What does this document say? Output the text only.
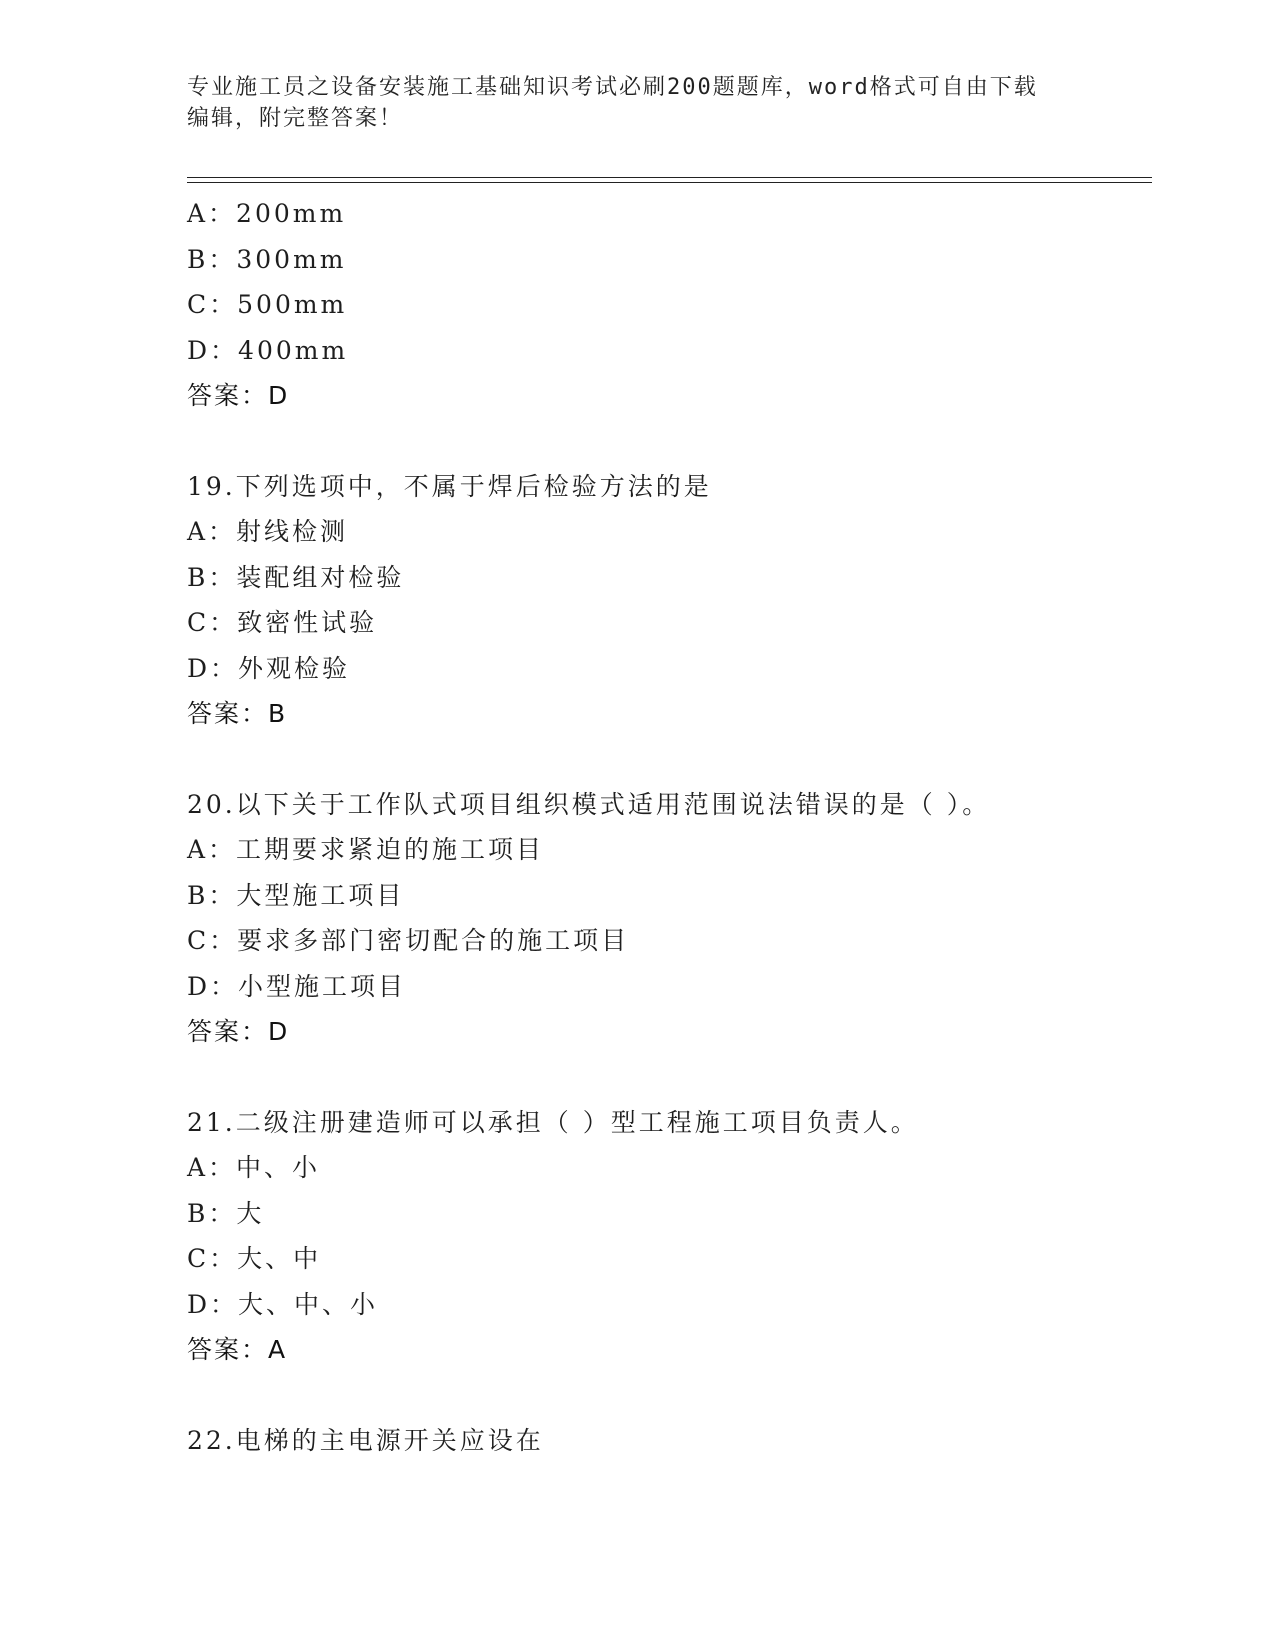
专业施工员之设备安装施工基础知识考试必刷200题题库，word格式可自由下载
编辑，附完整答案！
A：200mm
B：300mm
C：500mm
D：400mm
答案：D
19.下列选项中，不属于焊后检验方法的是
A：射线检测
B：装配组对检验
C：致密性试验
D：外观检验
答案：B
20.以下关于工作队式项目组织模式适用范围说法错误的是（ ）。
A：工期要求紧迫的施工项目
B：大型施工项目
C：要求多部门密切配合的施工项目
D：小型施工项目
答案：D
21.二级注册建造师可以承担（ ）型工程施工项目负责人。
A：中、小
B：大
C：大、中
D：大、中、小
答案：A
22.电梯的主电源开关应设在
